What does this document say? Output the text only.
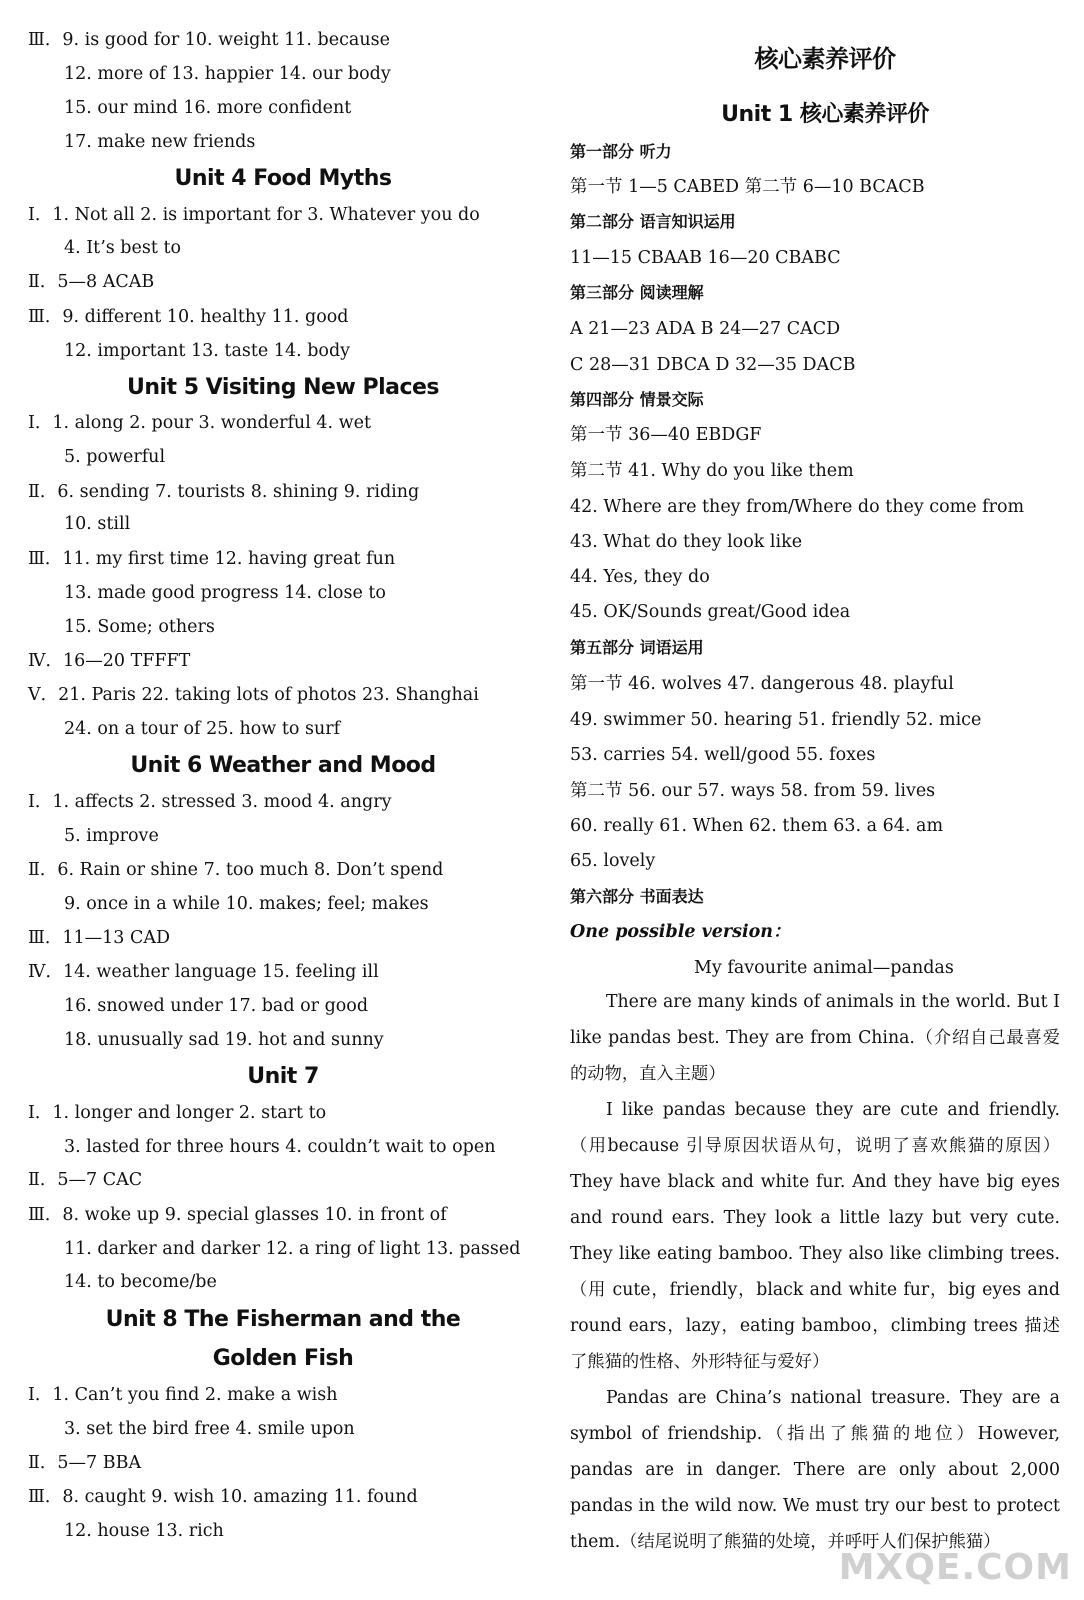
Ⅲ．9. is good for 10. weight 11. because
12. more of 13. happier 14. our body
15. our mind 16. more confident
17. make new friends
Unit 4 Food Myths
Ⅰ．1. Not all 2. is important for 3. Whatever you do
4. It’s best to
Ⅱ．5—8 ACAB
Ⅲ．9. different 10. healthy 11. good
12. important 13. taste 14. body
Unit 5 Visiting New Places
Ⅰ．1. along 2. pour 3. wonderful 4. wet
5. powerful
Ⅱ．6. sending 7. tourists 8. shining 9. riding
10. still
Ⅲ．11. my first time 12. having great fun
13. made good progress 14. close to
15. Some; others
Ⅳ．16—20 TFFFT
Ⅴ．21. Paris 22. taking lots of photos 23. Shanghai
24. on a tour of 25. how to surf
Unit 6 Weather and Mood
Ⅰ．1. affects 2. stressed 3. mood 4. angry
5. improve
Ⅱ．6. Rain or shine 7. too much 8. Don’t spend
9. once in a while 10. makes; feel; makes
Ⅲ．11—13 CAD
Ⅳ．14. weather language 15. feeling ill
16. snowed under 17. bad or good
18. unusually sad 19. hot and sunny
Unit 7
Ⅰ．1. longer and longer 2. start to
3. lasted for three hours 4. couldn’t wait to open
Ⅱ．5—7 CAC
Ⅲ．8. woke up 9. special glasses 10. in front of
11. darker and darker 12. a ring of light 13. passed
14. to become/be
Unit 8 The Fisherman and the
Golden Fish
Ⅰ．1. Can’t you find 2. make a wish
3. set the bird free 4. smile upon
Ⅱ．5—7 BBA
Ⅲ．8. caught 9. wish 10. amazing 11. found
12. house 13. rich
核心素养评价
Unit 1 核心素养评价
第一部分 听力
第一节 1—5 CABED 第二节 6—10 BCACB
第二部分 语言知识运用
11—15 CBAAB 16—20 CBABC
第三部分 阅读理解
A 21—23 ADA B 24—27 CACD
C 28—31 DBCA D 32—35 DACB
第四部分 情景交际
第一节 36—40 EBDGF
第二节 41. Why do you like them
42. Where are they from/Where do they come from
43. What do they look like
44. Yes, they do
45. OK/Sounds great/Good idea
第五部分 词语运用
第一节 46. wolves 47. dangerous 48. playful
49. swimmer 50. hearing 51. friendly 52. mice
53. carries 54. well/good 55. foxes
第二节 56. our 57. ways 58. from 59. lives
60. really 61. When 62. them 63. a 64. am
65. lovely
第六部分 书面表达
One possible version：
My favourite animal—pandas

There are many kinds of animals in the world. But I like pandas best. They are from China.（介绍自己最喜爱的动物，直入主题）

I like pandas because they are cute and friendly.（用because 引导原因状语从句，说明了喜欢熊猫的原因）They have black and white fur. And they have big eyes and round ears. They look a little lazy but very cute. They like eating bamboo. They also like climbing trees.（用 cute，friendly，black and white fur，big eyes and round ears，lazy，eating bamboo，climbing trees 描述了熊猫的性格、外形特征与爱好）

Pandas are China’s national treasure. They are a symbol of friendship.（指出了熊猫的地位）However, pandas are in danger. There are only about 2,000 pandas in the wild now. We must try our best to protect them.（结尾说明了熊猫的处境，并呼吁人们保护熊猫）

MXQE.COM
